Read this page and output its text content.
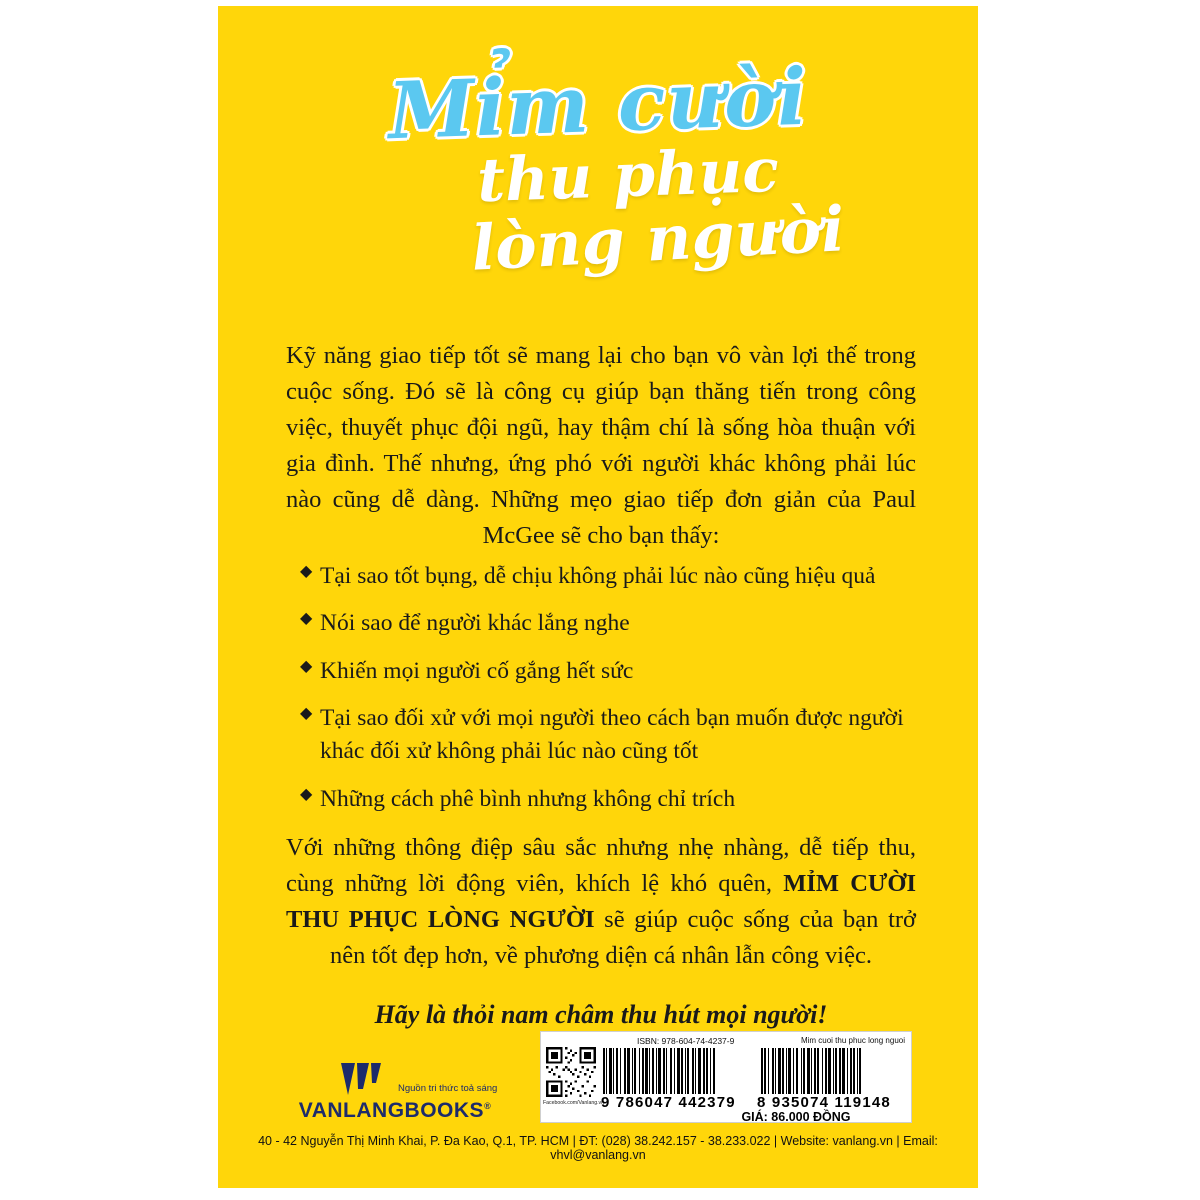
Mỉm cười
thu phục
lòng người

Kỹ năng giao tiếp tốt sẽ mang lại cho bạn vô vàn lợi thế trong cuộc sống. Đó sẽ là công cụ giúp bạn thăng tiến trong công việc, thuyết phục đội ngũ, hay thậm chí là sống hòa thuận với gia đình. Thế nhưng, ứng phó với người khác không phải lúc nào cũng dễ dàng. Những mẹo giao tiếp đơn giản của Paul McGee sẽ cho bạn thấy:

◆ Tại sao tốt bụng, dễ chịu không phải lúc nào cũng hiệu quả
◆ Nói sao để người khác lắng nghe
◆ Khiến mọi người cố gắng hết sức
◆ Tại sao đối xử với mọi người theo cách bạn muốn được người khác đối xử không phải lúc nào cũng tốt
◆ Những cách phê bình nhưng không chỉ trích

Với những thông điệp sâu sắc nhưng nhẹ nhàng, dễ tiếp thu, cùng những lời động viên, khích lệ khó quên, MỈM CƯỜI THU PHỤC LÒNG NGƯỜI sẽ giúp cuộc sống của bạn trở nên tốt đẹp hơn, về phương diện cá nhân lẫn công việc.

Hãy là thỏi nam châm thu hút mọi người!
ISBN: 978-604-74-4237-9	Mim cuoi thu phuc long nguoi
Facebook.com/Vanlang.vn
9 786047 442379 8 935074 119148
GIÁ: 86.000 ĐỒNG
Nguồn tri thức toả sáng
VANLANGBOOKS®
40 - 42 Nguyễn Thị Minh Khai, P. Đa Kao, Q.1, TP. HCM | ĐT: (028) 38.242.157 - 38.233.022 | Website: vanlang.vn | Email: vhvl@vanlang.vn
